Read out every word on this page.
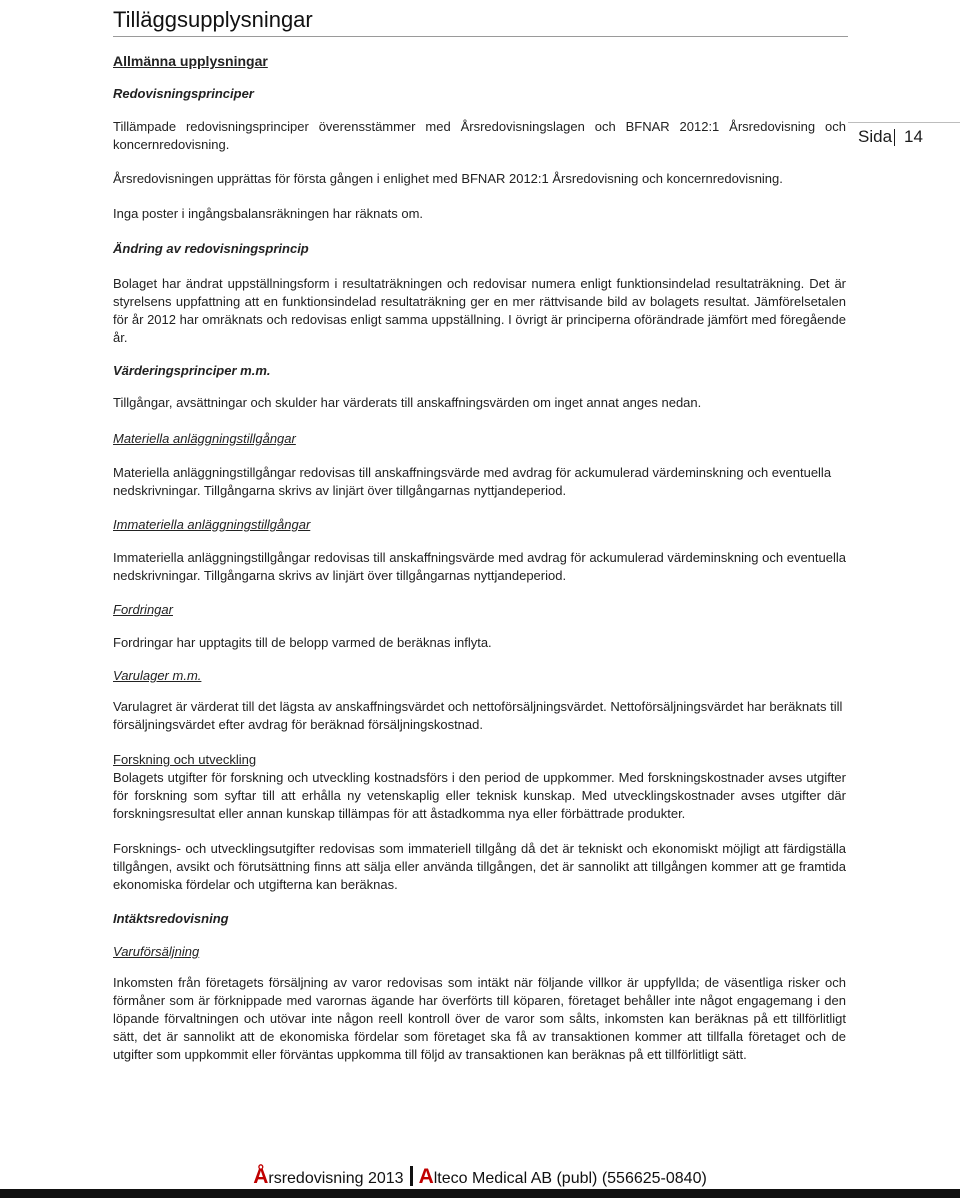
Tilläggsupplysningar
Sida 14

Allmänna upplysningar

Redovisningsprinciper

Tillämpade redovisningsprinciper överensstämmer med Årsredovisningslagen och BFNAR 2012:1 Årsredovisning och koncernredovisning.

Årsredovisningen upprättas för första gången i enlighet med BFNAR 2012:1 Årsredovisning och koncernredovisning.

Inga poster i ingångsbalansräkningen har räknats om.

Ändring av redovisningsprincip

Bolaget har ändrat uppställningsform i resultaträkningen och redovisar numera enligt funktionsindelad resultaträkning. Det är styrelsens uppfattning att en funktionsindelad resultaträkning ger en mer rättvisande bild av bolagets resultat. Jämförelsetalen för år 2012 har omräknats och redovisas enligt samma uppställning. I övrigt är principerna oförändrade jämfört med föregående år.

Värderingsprinciper m.m.

Tillgångar, avsättningar och skulder har värderats till anskaffningsvärden om inget annat anges nedan.

Materiella anläggningstillgångar

Materiella anläggningstillgångar redovisas till anskaffningsvärde med avdrag för ackumulerad värdeminskning och eventuella nedskrivningar. Tillgångarna skrivs av linjärt över tillgångarnas nyttjandeperiod.

Immateriella anläggningstillgångar

Immateriella anläggningstillgångar redovisas till anskaffningsvärde med avdrag för ackumulerad värdeminskning och eventuella nedskrivningar. Tillgångarna skrivs av linjärt över tillgångarnas nyttjandeperiod.

Fordringar

Fordringar har upptagits till de belopp varmed de beräknas inflyta.

Varulager m.m.

Varulagret är värderat till det lägsta av anskaffningsvärdet och nettoförsäljningsvärdet. Nettoförsäljningsvärdet har beräknats till försäljningsvärdet efter avdrag för beräknad försäljningskostnad.

Forskning och utveckling

Bolagets utgifter för forskning och utveckling kostnadsförs i den period de uppkommer. Med forskningskostnader avses utgifter för forskning som syftar till att erhålla ny vetenskaplig eller teknisk kunskap. Med utvecklingskostnader avses utgifter där forskningsresultat eller annan kunskap tillämpas för att åstadkomma nya eller förbättrade produkter.

Forsknings- och utvecklingsutgifter redovisas som immateriell tillgång då det är tekniskt och ekonomiskt möjligt att färdigställa tillgången, avsikt och förutsättning finns att sälja eller använda tillgången, det är sannolikt att tillgången kommer att ge framtida ekonomiska fördelar och utgifterna kan beräknas.

Intäktsredovisning

Varuförsäljning

Inkomsten från företagets försäljning av varor redovisas som intäkt när följande villkor är uppfyllda; de väsentliga risker och förmåner som är förknippade med varornas ägande har överförts till köparen, företaget behåller inte något engagemang i den löpande förvaltningen och utövar inte någon reell kontroll över de varor som sålts, inkomsten kan beräknas på ett tillförlitligt sätt, det är sannolikt att de ekonomiska fördelar som företaget ska få av transaktionen kommer att tillfalla företaget och de utgifter som uppkommit eller förväntas uppkomma till följd av transaktionen kan beräknas på ett tillförlitligt sätt.

Årsredovisning 2013 Alteco Medical AB (publ) (556625-0840)
